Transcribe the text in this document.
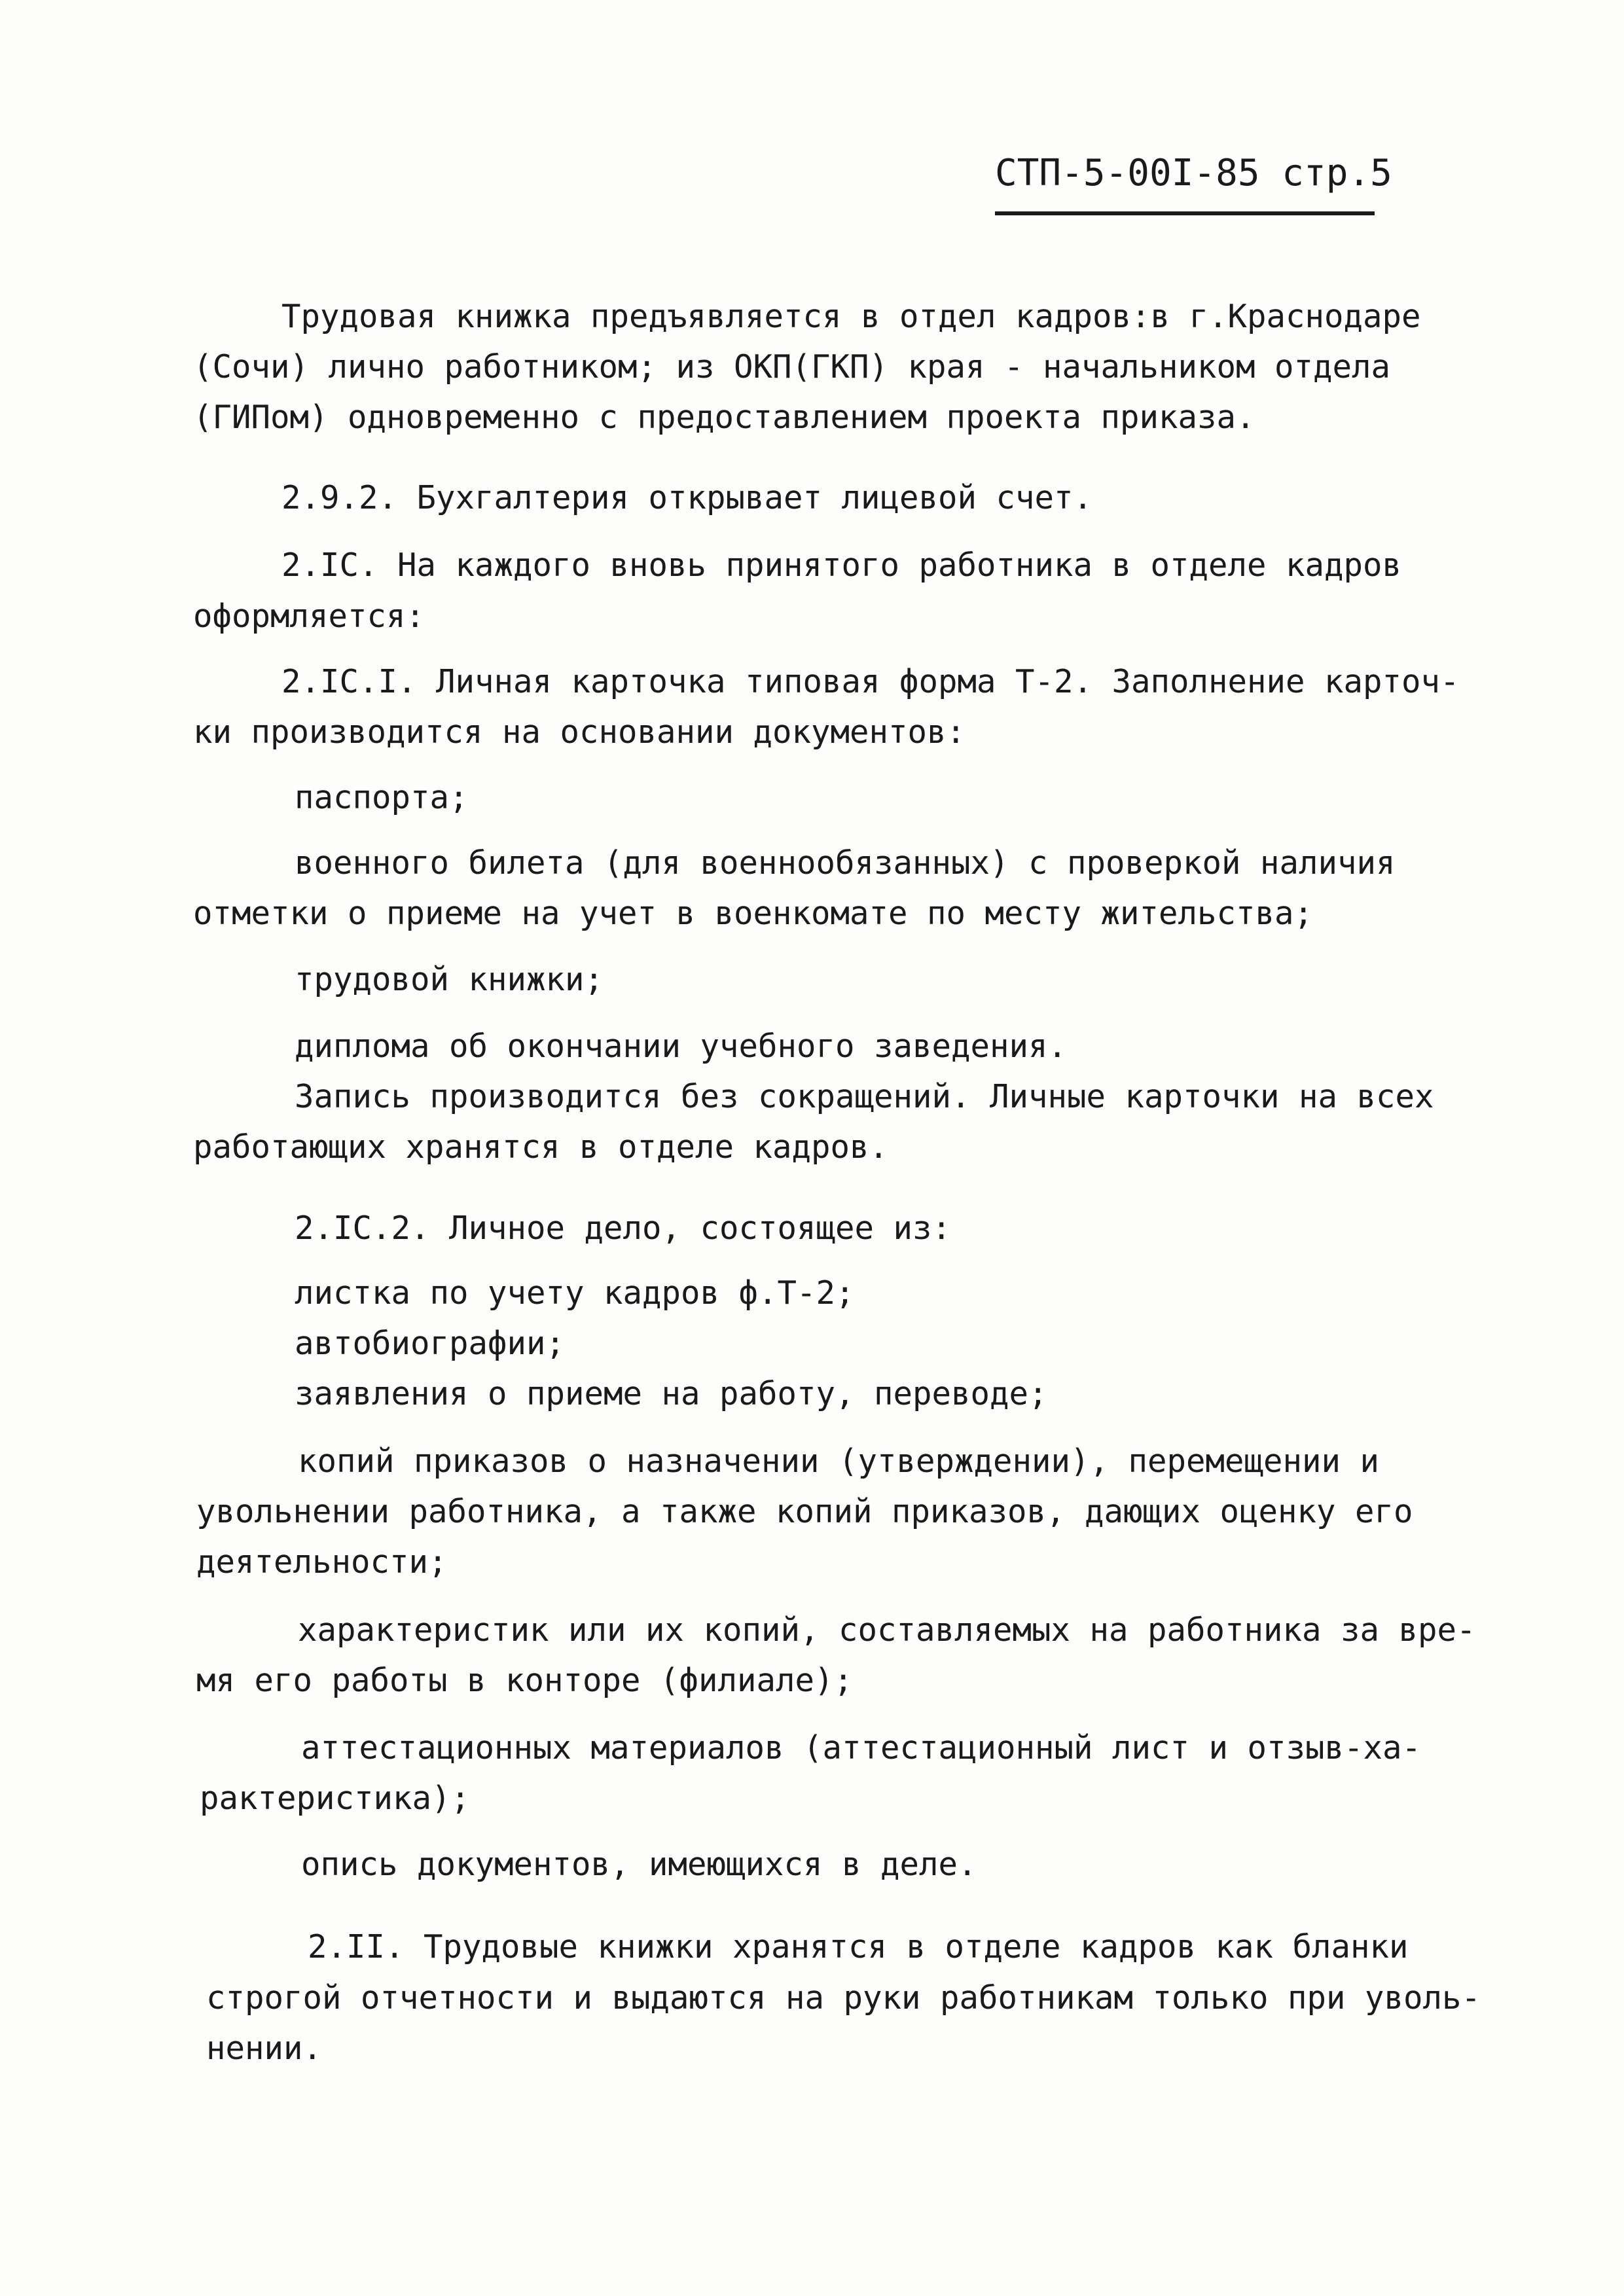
СТП-5-00I-85 стр.5
Трудовая книжка предъявляется в отдел кадров:в г.Краснодаре
(Сочи) лично работником; из ОКП(ГКП) края - начальником отдела
(ГИПом) одновременно с предоставлением проекта приказа.
2.9.2. Бухгалтерия открывает лицевой счет.
2.IC. На каждого вновь принятого работника в отделе кадров
оформляется:
2.IC.I. Личная карточка типовая форма Т-2. Заполнение карточ-
ки производится на основании документов:
паспорта;
военного билета (для военнообязанных) с проверкой наличия
отметки о приеме на учет в военкомате по месту жительства;
трудовой книжки;
диплома об окончании учебного заведения.
Запись производится без сокращений. Личные карточки на всех
работающих хранятся в отделе кадров.
2.IC.2. Личное дело, состоящее из:
листка по учету кадров ф.Т-2;
автобиографии;
заявления о приеме на работу, переводе;
копий приказов о назначении (утверждении), перемещении и
увольнении работника, а также копий приказов, дающих оценку его
деятельности;
характеристик или их копий, составляемых на работника за вре-
мя его работы в конторе (филиале);
аттестационных материалов (аттестационный лист и отзыв-ха-
рактеристика);
опись документов, имеющихся в деле.
2.II. Трудовые книжки хранятся в отделе кадров как бланки
строгой отчетности и выдаются на руки работникам только при уволь-
нении.
